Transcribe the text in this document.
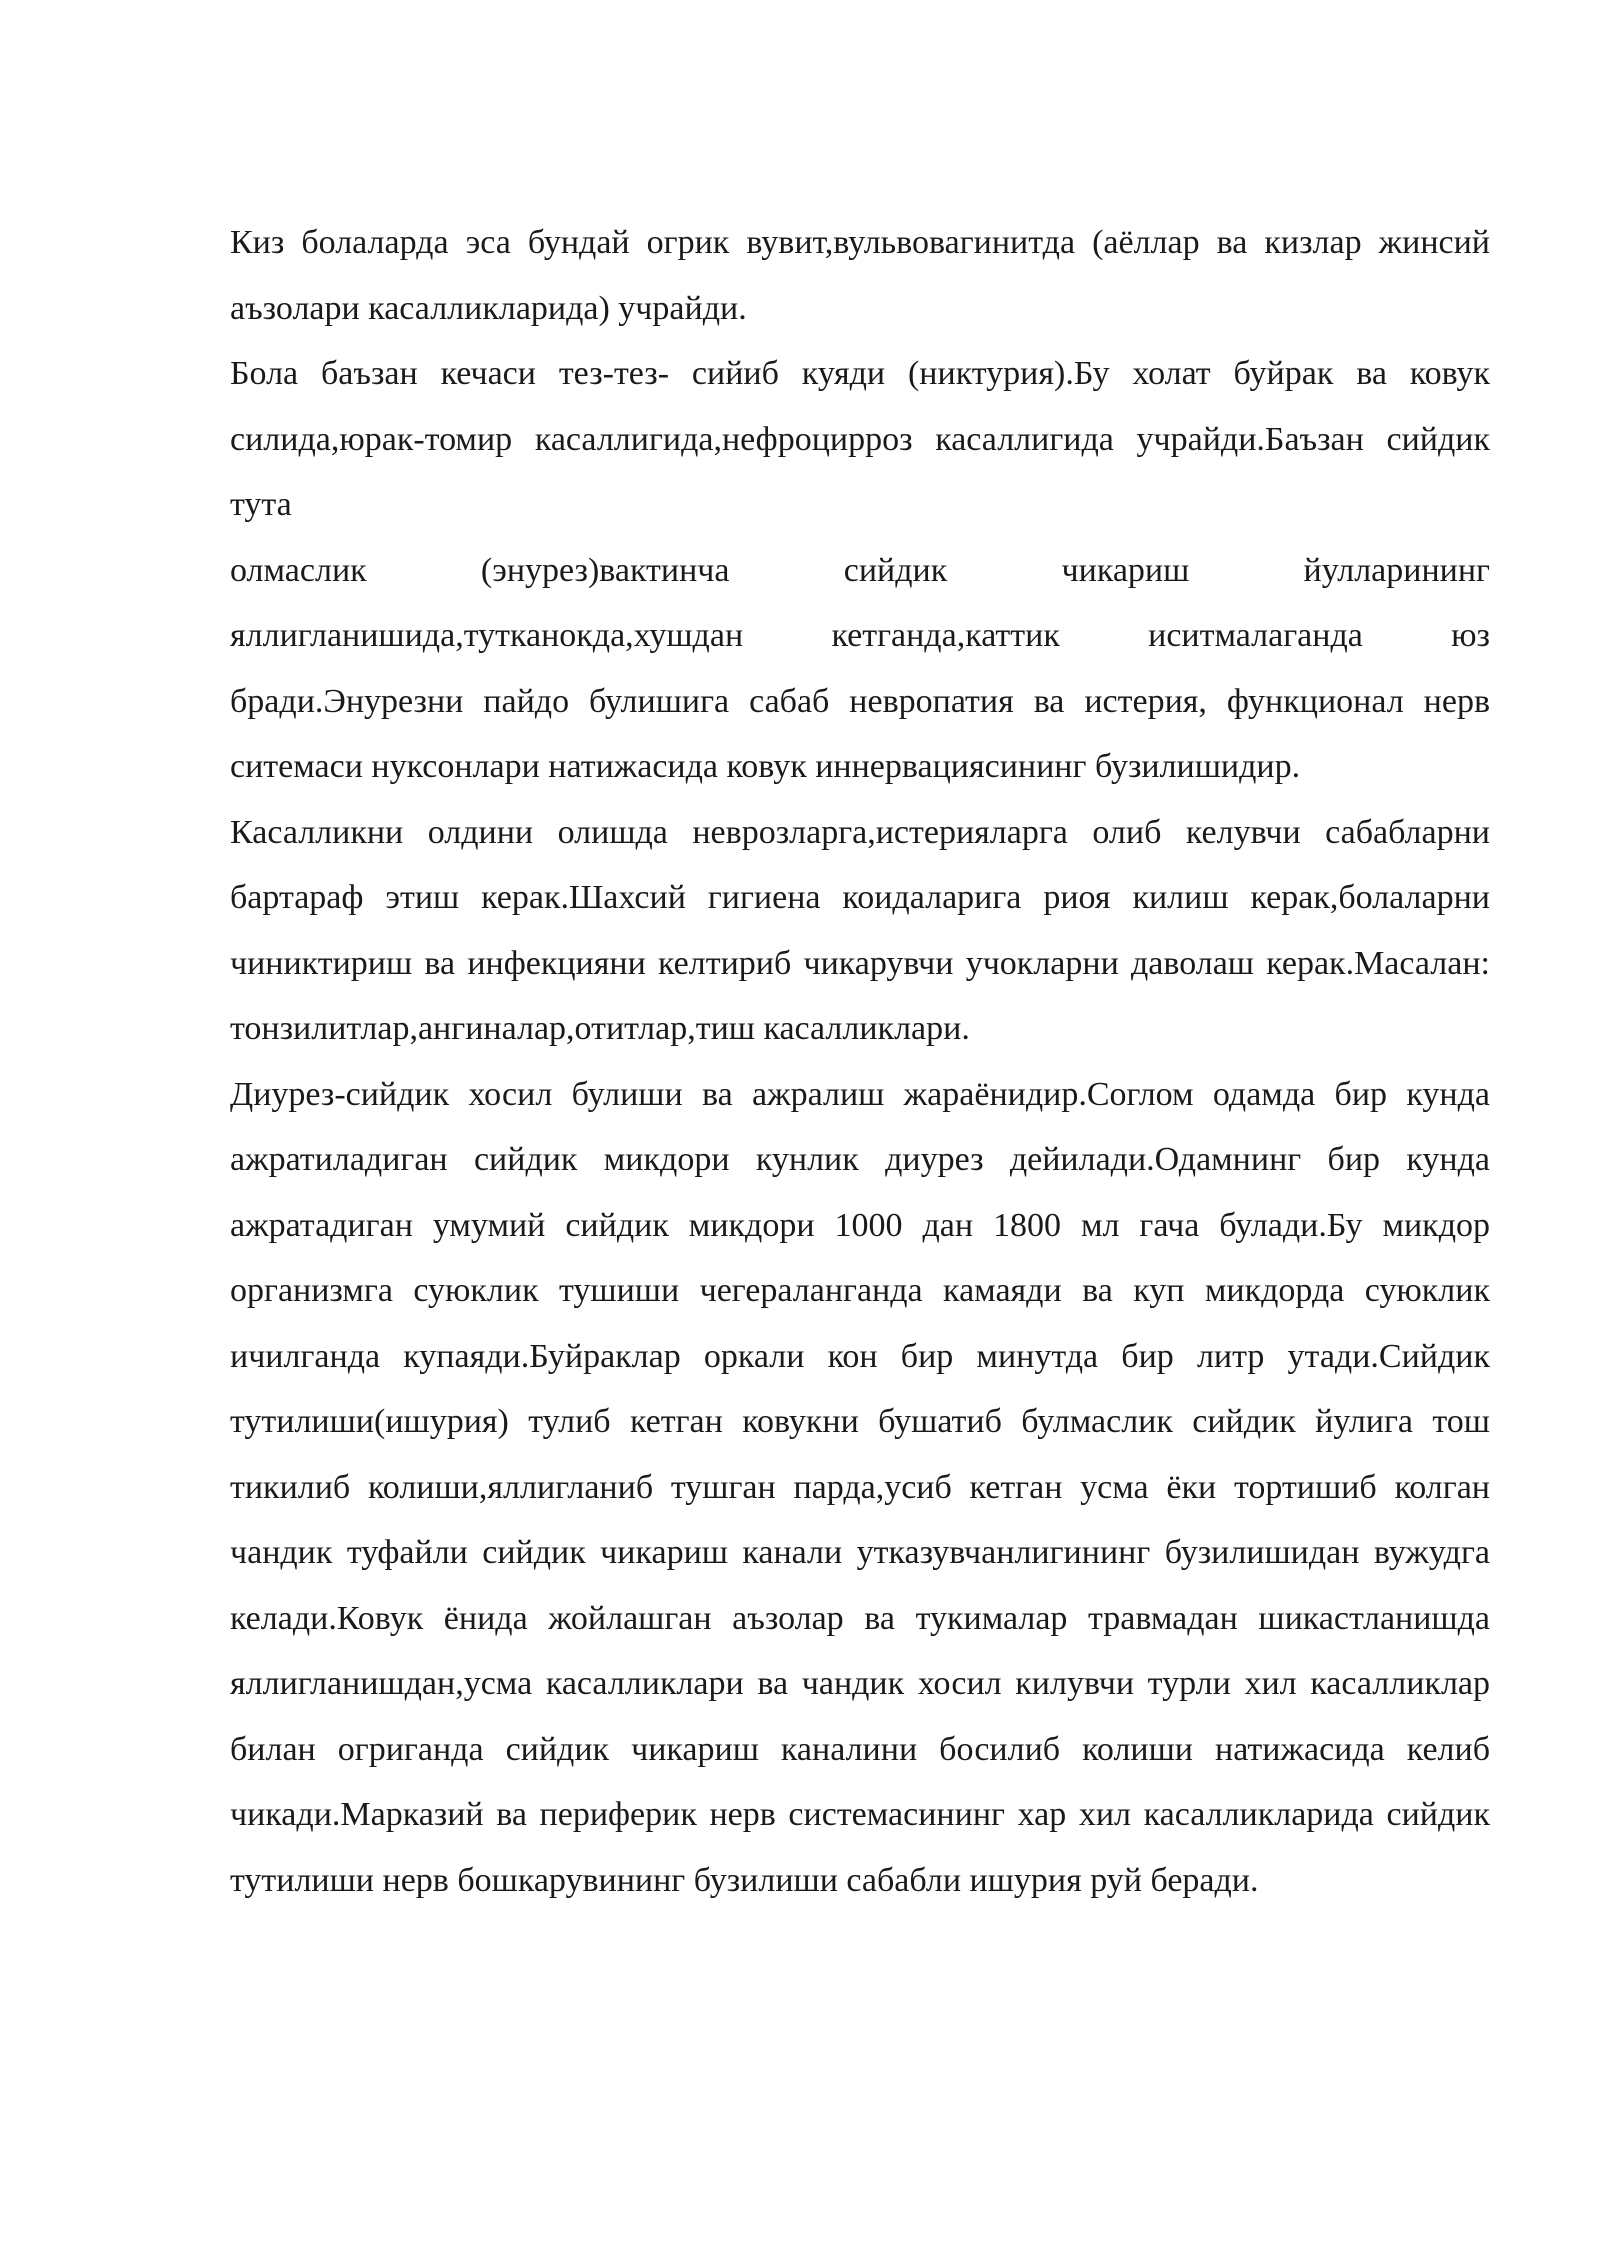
Киз болаларда эса бундай огрик вувит,вульвовагинитда (аёллар ва кизлар жинсий аъзолари касалликларида) учрайди.

Бола баъзан кечаси тез-тез- сийиб куяди (никтурия).Бу холат буйрак ва ковук силида,юрак-томир касаллигида,нефроцирроз касаллигида учрайди.Баъзан сийдик тута

олмаслик (энурез)вактинча сийдик чикариш йулларининг яллигланишида,тутканокда,хушдан кетганда,каттик иситмалаганда юз бради.Энурезни пайдо булишига сабаб невропатия ва истерия, функционал нерв ситемаси нуксонлари натижасида ковук иннервациясининг бузилишидир.

Касалликни олдини олишда неврозларга,истерияларга олиб келувчи сабабларни бартараф этиш керак.Шахсий гигиена коидаларига риоя килиш керак,болаларни чиниктириш ва инфекцияни келтириб чикарувчи учокларни даволаш керак.Масалан: тонзилитлар,ангиналар,отитлар,тиш касалликлари.

Диурез-сийдик хосил булиши ва ажралиш жараёнидир.Соглом одамда бир кунда ажратиладиган сийдик микдори кунлик диурез дейилади.Одамнинг бир кунда ажратадиган умумий сийдик микдори 1000 дан 1800 мл гача булади.Бу микдор организмга суюклик тушиши чегераланганда камаяди ва куп микдорда суюклик ичилганда купаяди.Буйраклар оркали кон бир минутда бир литр утади.Сийдик тутилиши(ишурия) тулиб кетган ковукни бушатиб булмаслик сийдик йулига тош тикилиб колиши,яллигланиб тушган парда,усиб кетган усма ёки тортишиб колган чандик туфайли сийдик чикариш канали утказувчанлигининг бузилишидан вужудга келади.Ковук ёнида жойлашган аъзолар ва тукималар травмадан шикастланишда яллигланишдан,усма касалликлари ва чандик хосил килувчи турли хил касалликлар билан огриганда сийдик чикариш каналини босилиб колиши натижасида келиб чикади.Марказий ва периферик нерв системасининг хар хил касалликларида сийдик тутилиши нерв бошкарувининг бузилиши сабабли ишурия руй беради.
